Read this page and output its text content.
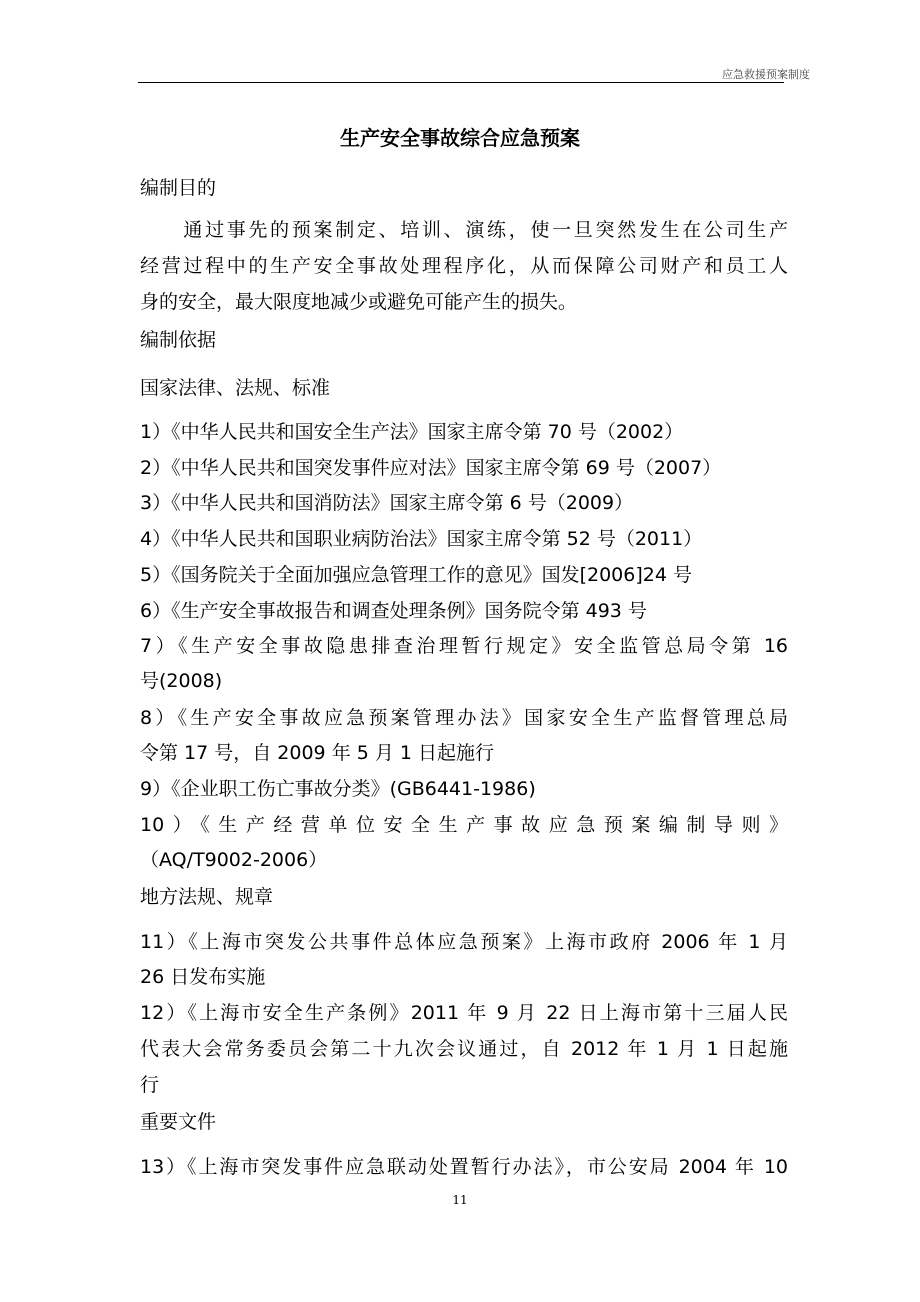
应急救援预案制度
生产安全事故综合应急预案
编制目的
　　通过事先的预案制定、培训、演练，使一旦突然发生在公司生产
经营过程中的生产安全事故处理程序化，从而保障公司财产和员工人
身的安全，最大限度地减少或避免可能产生的损失。
编制依据
国家法律、法规、标准
1）《中华人民共和国安全生产法》国家主席令第 70 号（2002）
2）《中华人民共和国突发事件应对法》国家主席令第 69 号（2007）
3）《中华人民共和国消防法》国家主席令第 6 号（2009）
4）《中华人民共和国职业病防治法》国家主席令第 52 号（2011）
5）《国务院关于全面加强应急管理工作的意见》国发[2006]24 号
6）《生产安全事故报告和调查处理条例》国务院令第 493 号
7）《生产安全事故隐患排查治理暂行规定》安全监管总局令第 16
号(2008)
8）《生产安全事故应急预案管理办法》国家安全生产监督管理总局
令第 17 号，自 2009 年 5 月 1 日起施行
9）《企业职工伤亡事故分类》(GB6441-1986)
10）《生产经营单位安全生产事故应急预案编制导则》
（AQ/T9002-2006）
地方法规、规章
11）《上海市突发公共事件总体应急预案》上海市政府 2006 年 1 月
26 日发布实施
12）《上海市安全生产条例》2011 年 9 月 22 日上海市第十三届人民
代表大会常务委员会第二十九次会议通过，自 2012 年 1 月 1 日起施
行
重要文件
13）《上海市突发事件应急联动处置暂行办法》，市公安局 2004 年 10
11
